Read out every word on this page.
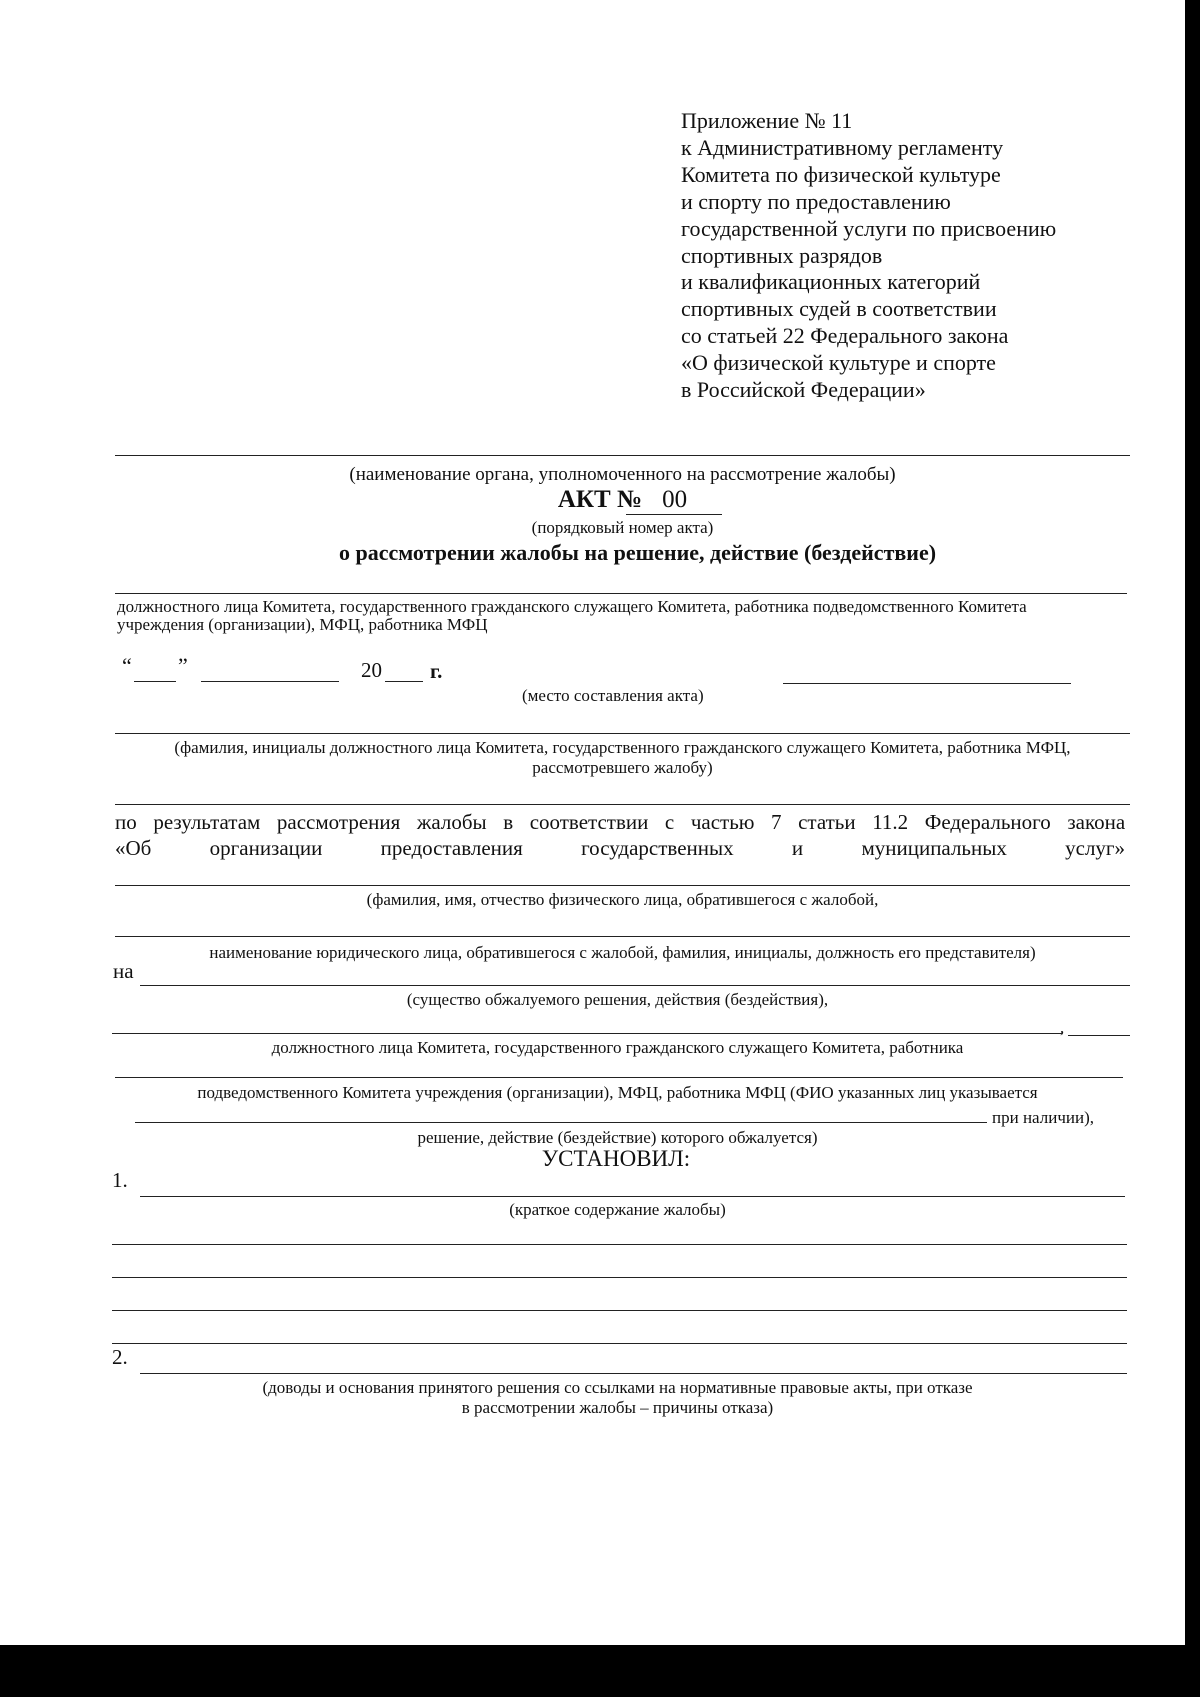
Приложение № 11
к Административному регламенту
Комитета по физической культуре
и спорту по предоставлению
государственной услуги по присвоению
спортивных разрядов
и квалификационных категорий
спортивных судей в соответствии
со статьей 22 Федерального закона
«О физической культуре и спорте
в Российской Федерации»
(наименование органа, уполномоченного на рассмотрение жалобы)
АКТ № 00
(порядковый номер акта)
о рассмотрении жалобы на решение, действие (бездействие)
должностного лица Комитета, государственного гражданского служащего Комитета, работника подведомственного Комитета
учреждения (организации), МФЦ, работника МФЦ
“ ”	20 г.
(место составления акта)
(фамилия, инициалы должностного лица Комитета, государственного гражданского служащего Комитета, работника МФЦ,
рассмотревшего жалобу)
по результатам рассмотрения жалобы в соответствии с частью 7 статьи 11.2 Федерального закона
«Об	организации	предоставления	государственных	и	муниципальных	услуг»
(фамилия, имя, отчество физического лица, обратившегося с жалобой,
наименование юридического лица, обратившегося с жалобой, фамилия, инициалы, должность его представителя)
на
(существо обжалуемого решения, действия (бездействия),
,
должностного лица Комитета, государственного гражданского служащего Комитета, работника
подведомственного Комитета учреждения (организации), МФЦ, работника МФЦ (ФИО указанных лиц указывается
при наличии),
решение, действие (бездействие) которого обжалуется)
УСТАНОВИЛ:
1.
(краткое содержание жалобы)
2.
(доводы и основания принятого решения со ссылками на нормативные правовые акты, при отказе
в рассмотрении жалобы – причины отказа)
